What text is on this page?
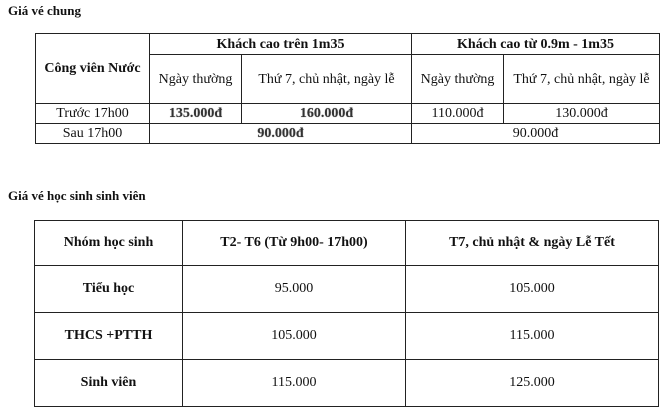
Giá vé chung
Công viên Nước	Khách cao trên 1m35		Khách cao từ 0.9m - 1m35	
	Ngày thường	Thứ 7, chủ nhật, ngày lễ	Ngày thường	Thứ 7, chủ nhật, ngày lễ
Trước 17h00	135.000đ	160.000đ	110.000đ	130.000đ
Sau 17h00	90.000đ		90.000đ	
Giá vé học sinh sinh viên
Nhóm học sinh	T2- T6 (Từ 9h00- 17h00)	T7, chủ nhật & ngày Lễ Tết
Tiểu học	95.000	105.000
THCS +PTTH	105.000	115.000
Sinh viên	115.000	125.000
